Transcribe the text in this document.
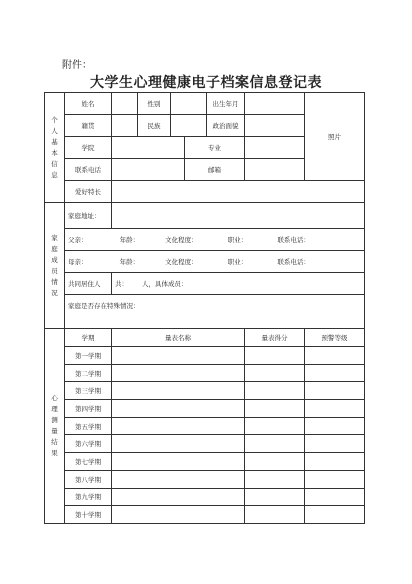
附件：
大学生心理健康电子档案信息登记表
个人基本信息	姓名		性别			出生年月		照片
	籍贯		民族			政治面貌		
	学院				专业			
	联系电话				邮箱			
	爱好特长							
家庭成员情况	家庭地址：							
	父亲： 年龄： 文化程度： 职业： 联系电话：							
	母亲： 年龄： 文化程度： 职业： 联系电话：							
	共同居住人	共： 人，具体成员：						
	家庭是否存在特殊情况：							
心理测量结果	学期	量表名称					量表得分	预警等级
	第一学期							
	第二学期							
	第三学期							
	第四学期							
	第五学期							
	第六学期							
	第七学期							
	第八学期							
	第九学期							
	第十学期							
